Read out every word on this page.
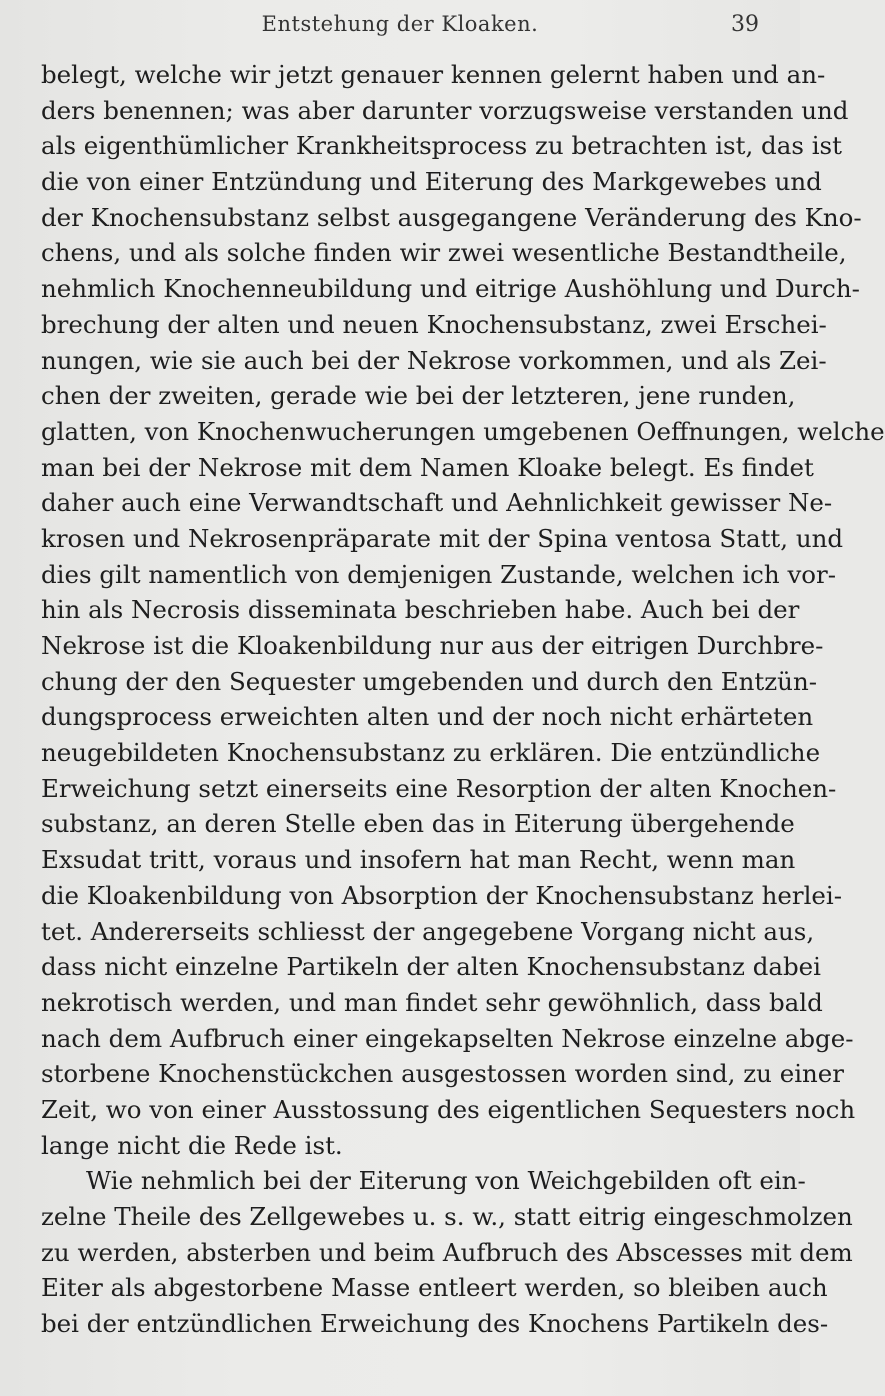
Entstehung der Kloaken.	39
belegt, welche wir jetzt genauer kennen gelernt haben und an-
ders benennen; was aber darunter vorzugsweise verstanden und
als eigenthümlicher Krankheitsprocess zu betrachten ist, das ist
die von einer Entzündung und Eiterung des Markgewebes und
der Knochensubstanz selbst ausgegangene Veränderung des Kno-
chens, und als solche finden wir zwei wesentliche Bestandtheile,
nehmlich Knochenneubildung und eitrige Aushöhlung und Durch-
brechung der alten und neuen Knochensubstanz, zwei Erschei-
nungen, wie sie auch bei der Nekrose vorkommen, und als Zei-
chen der zweiten, gerade wie bei der letzteren, jene runden,
glatten, von Knochenwucherungen umgebenen Oeffnungen, welche
man bei der Nekrose mit dem Namen Kloake belegt. Es findet
daher auch eine Verwandtschaft und Aehnlichkeit gewisser Ne-
krosen und Nekrosenpräparate mit der Spina ventosa Statt, und
dies gilt namentlich von demjenigen Zustande, welchen ich vor-
hin als Necrosis disseminata beschrieben habe. Auch bei der
Nekrose ist die Kloakenbildung nur aus der eitrigen Durchbre-
chung der den Sequester umgebenden und durch den Entzün-
dungsprocess erweichten alten und der noch nicht erhärteten
neugebildeten Knochensubstanz zu erklären. Die entzündliche
Erweichung setzt einerseits eine Resorption der alten Knochen-
substanz, an deren Stelle eben das in Eiterung übergehende
Exsudat tritt, voraus und insofern hat man Recht, wenn man
die Kloakenbildung von Absorption der Knochensubstanz herlei-
tet. Andererseits schliesst der angegebene Vorgang nicht aus,
dass nicht einzelne Partikeln der alten Knochensubstanz dabei
nekrotisch werden, und man findet sehr gewöhnlich, dass bald
nach dem Aufbruch einer eingekapselten Nekrose einzelne abge-
storbene Knochenstückchen ausgestossen worden sind, zu einer
Zeit, wo von einer Ausstossung des eigentlichen Sequesters noch
lange nicht die Rede ist.
Wie nehmlich bei der Eiterung von Weichgebilden oft ein-
zelne Theile des Zellgewebes u. s. w., statt eitrig eingeschmolzen
zu werden, absterben und beim Aufbruch des Abscesses mit dem
Eiter als abgestorbene Masse entleert werden, so bleiben auch
bei der entzündlichen Erweichung des Knochens Partikeln des-
